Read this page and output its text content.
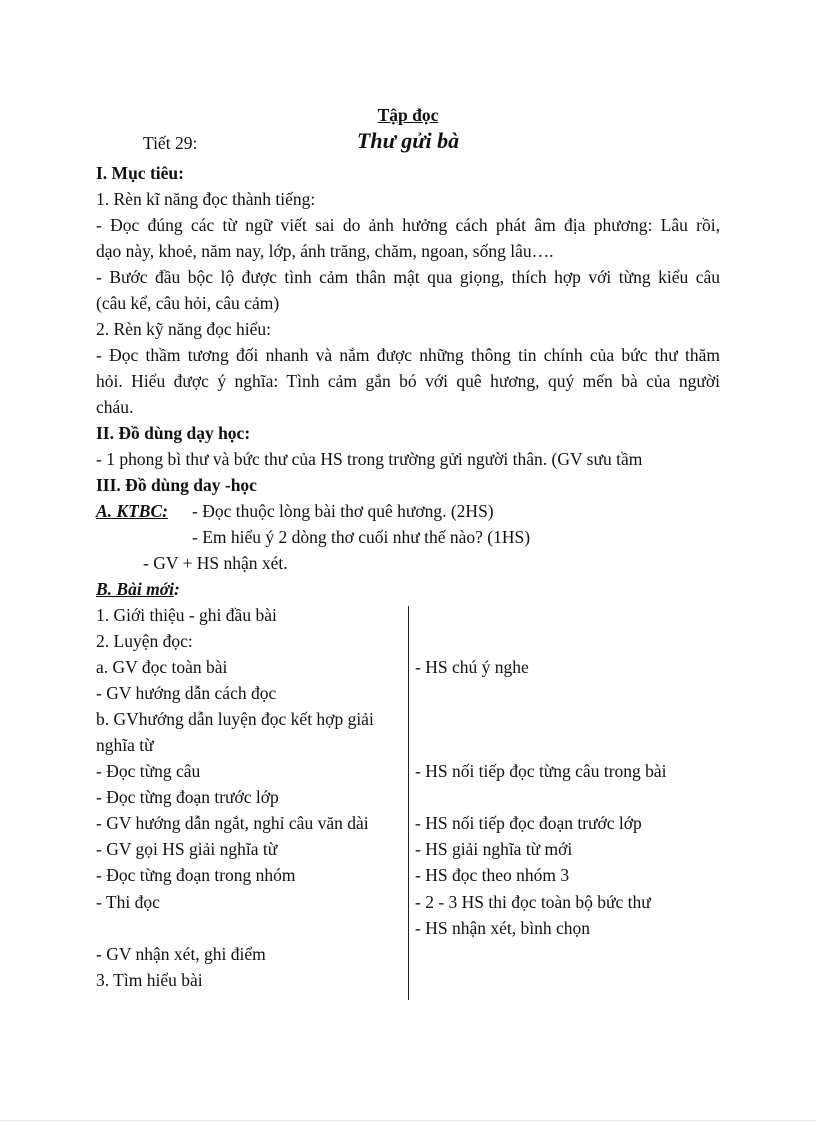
Tập đọc
Tiết 29:	Thư gửi bà
I. Mục tiêu:
1. Rèn kĩ năng đọc thành tiếng:
- Đọc đúng các từ ngữ viết sai do ảnh hưởng cách phát âm địa phương: Lâu rồi,
dạo này, khoẻ, năm nay, lớp, ánh trăng, chăm, ngoan, sống lâu….
- Bước đầu bộc lộ được tình cảm thân mật qua giọng, thích hợp với từng kiểu câu
(câu kể, câu hỏi, câu cảm)
2. Rèn kỹ năng đọc hiểu:
- Đọc thầm tương đối nhanh và nắm được những thông tin chính của bức thư thăm
hỏi. Hiểu được ý nghĩa: Tình cảm gắn bó với quê hương, quý mến bà của người
cháu.
II. Đồ dùng dạy học:
- 1 phong bì thư và bức thư của HS trong trường gửi người thân. (GV sưu tầm
III. Đồ dùng day -học
A. KTBC: - Đọc thuộc lòng bài thơ quê hương. (2HS)
- Em hiểu ý 2 dòng thơ cuối như thế nào? (1HS)
- GV + HS nhận xét.
B. Bài mới:
1. Giới thiệu - ghi đầu bài
2. Luyện đọc:
a. GV đọc toàn bài
- GV hướng dẫn cách đọc
b. GVhướng dẫn luyện đọc kết hợp giải
nghĩa từ
- Đọc từng câu
- Đọc từng đoạn trước lớp
- GV hướng dẫn ngắt, nghỉ câu văn dài
- GV gọi HS giải nghĩa từ
- Đọc từng đoạn trong nhóm
- Thi đọc
- GV nhận xét, ghi điểm
3. Tìm hiểu bài
- HS chú ý nghe
- HS nối tiếp đọc từng câu trong bài
- HS nối tiếp đọc đoạn trước lớp
- HS giải nghĩa từ mới
- HS đọc theo nhóm 3
- 2 - 3 HS thi đọc toàn bộ bức thư
- HS nhận xét, bình chọn
